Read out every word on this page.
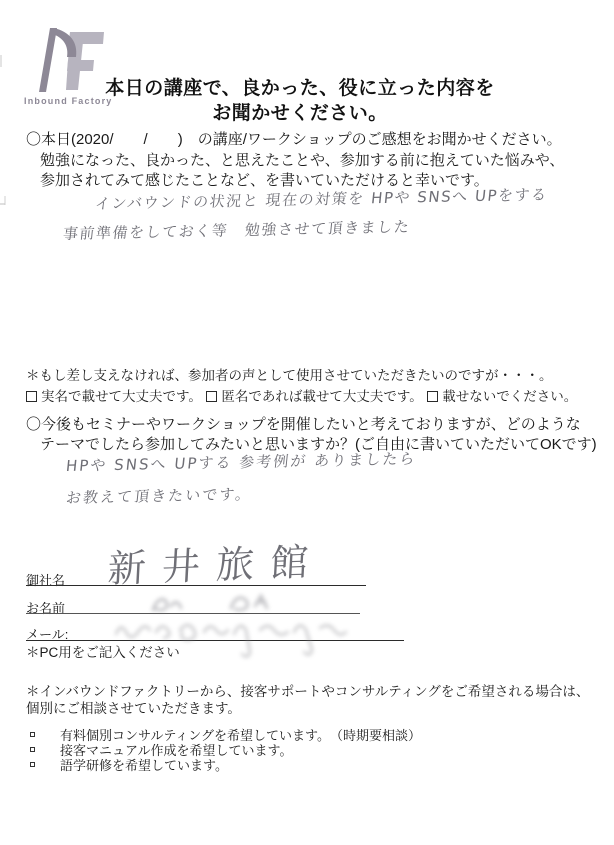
Inbound Factory
本日の講座で、良かった、役に立った内容を
お聞かせください。
〇本日(2020/　　/　　)　の講座/ワークショップのご感想をお聞かせください。
勉強になった、良かった、と思えたことや、参加する前に抱えていた悩みや、
参加されてみて感じたことなど、を書いていただけると幸いです。
インバウンドの状況と 現在の対策を HPや SNSへ UPをする
事前準備をしておく等　勉強させて頂きました
＊もし差し支えなければ、参加者の声として使用させていただきたいのですが・・・。
実名で載せて大丈夫です。 匿名であれば載せて大丈夫です。 載せないでください。
〇今後もセミナーやワークショップを開催したいと考えておりますが、どのような
テーマでしたら参加してみたいと思いますか？(ご自由に書いていただいてOKです)
HPや SNSへ UPする 参考例が ありましたら
お教えて頂きたいです。
御社名 新井旅館
お名前
メール:
＊PC用をご記入ください
＊インバウンドファクトリーから、接客サポートやコンサルティングをご希望される場合は、
個別にご相談させていただきます。
有料個別コンサルティングを希望しています。　（時期要相談）
接客マニュアル作成を希望しています。
語学研修を希望しています。
